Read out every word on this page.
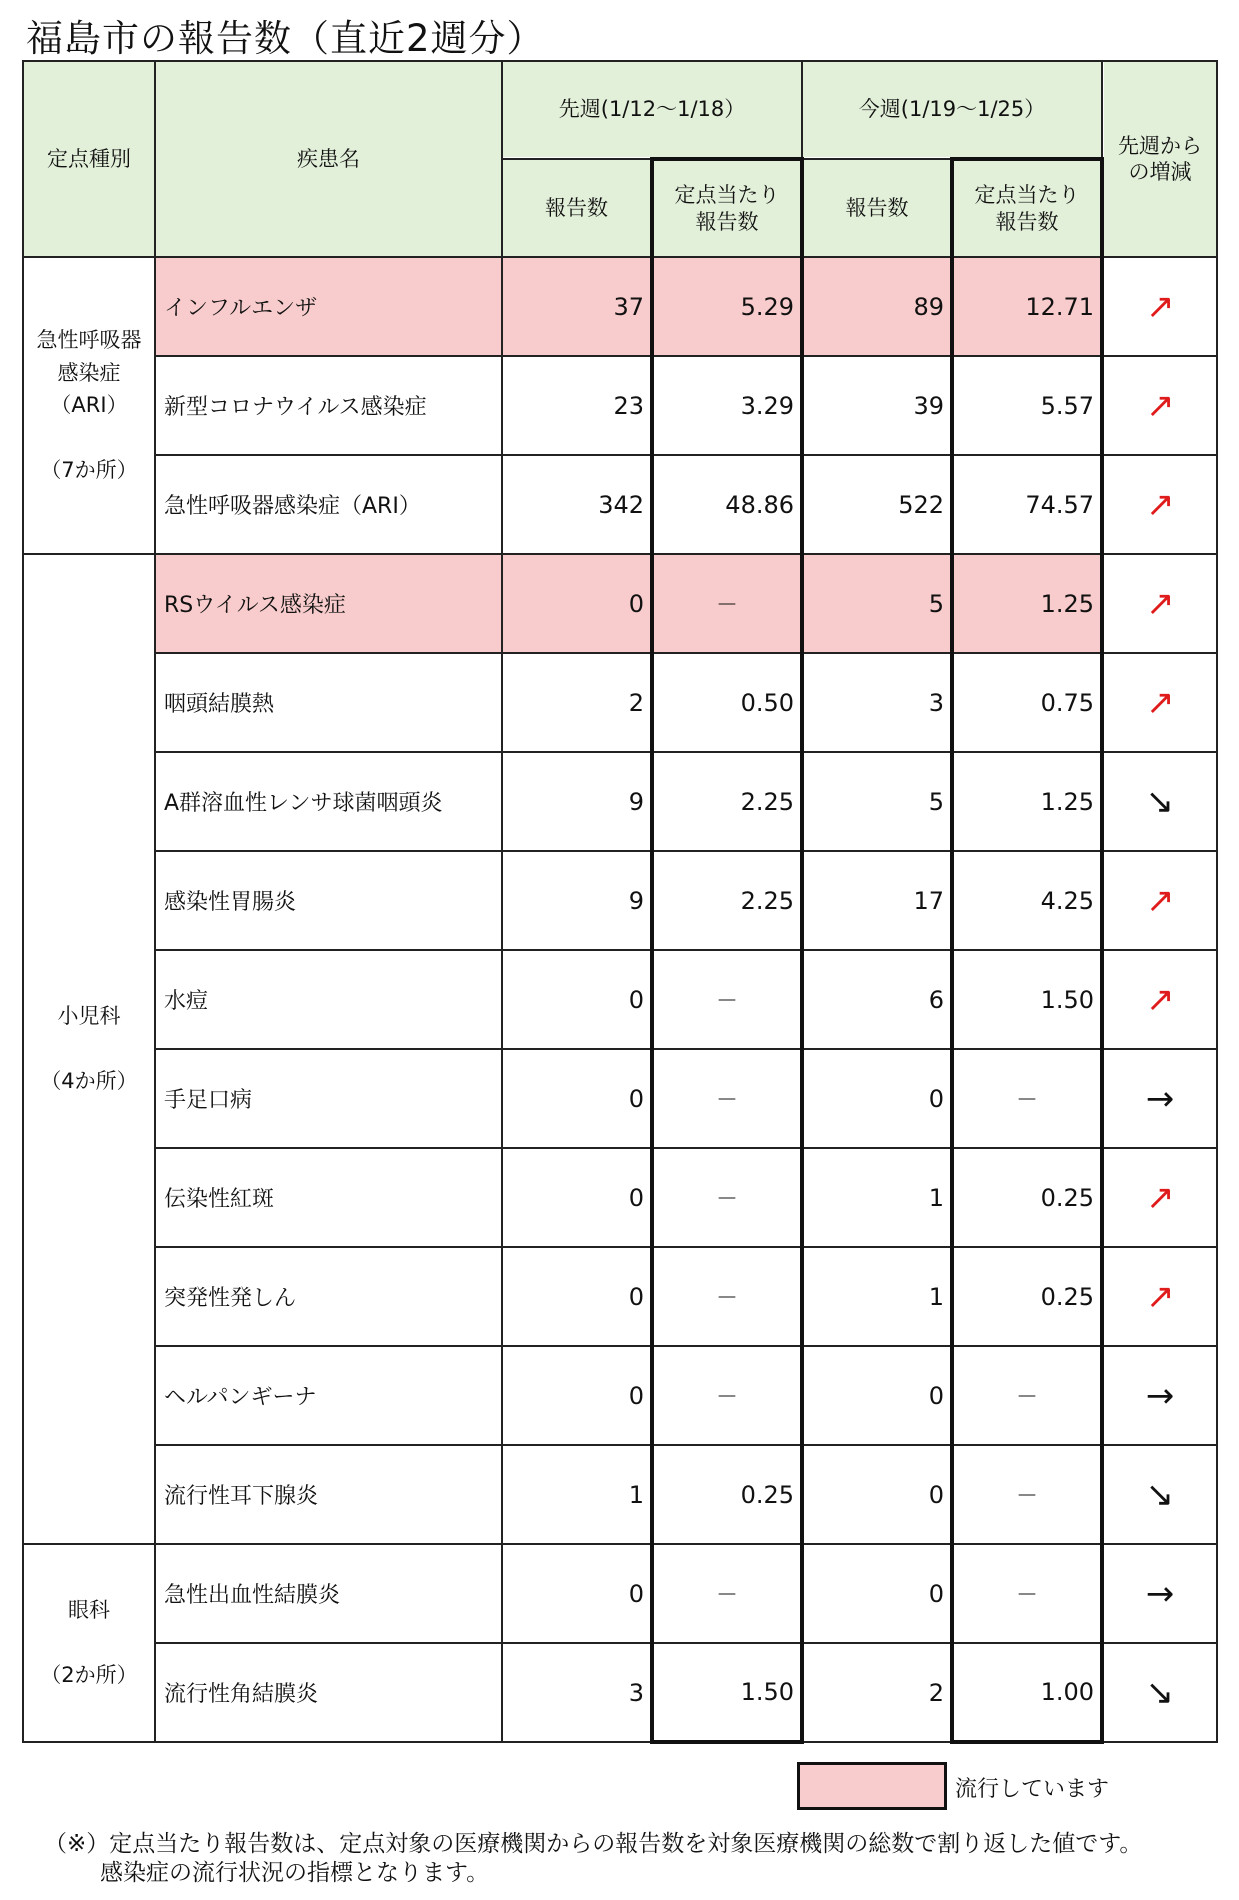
福島市の報告数（直近2週分）
定点種別	疾患名	先週(1/12～1/18）		今週(1/19～1/25）		先週からの増減
		報告数	定点当たり報告数	報告数	定点当たり報告数	

急性呼吸器
感染症
（ARI）

（7か所）	インフルエンザ	37	5.29	89	12.71	→
	新型コロナウイルス感染症	23	3.29	39	5.57	→
	急性呼吸器感染症（ARI）	342	48.86	522	74.57	→

小児科

（4か所）	RSウイルス感染症	0	－	5	1.25	→
	咽頭結膜熱	2	0.50	3	0.75	→
	A群溶血性レンサ球菌咽頭炎	9	2.25	5	1.25	→
	感染性胃腸炎	9	2.25	17	4.25	→
	水痘	0	－	6	1.50	→
	手足口病	0	－	0	－	→
	伝染性紅斑	0	－	1	0.25	→
	突発性発しん	0	－	1	0.25	→
	ヘルパンギーナ	0	－	0	－	→
	流行性耳下腺炎	1	0.25	0	－	→

眼科

（2か所）	急性出血性結膜炎	0	－	0	－	→
	流行性角結膜炎	3	1.50	2	1.00	→
流行しています
（※）定点当たり報告数は、定点対象の医療機関からの報告数を対象医療機関の総数で割り返した値です。
感染症の流行状況の指標となります。
